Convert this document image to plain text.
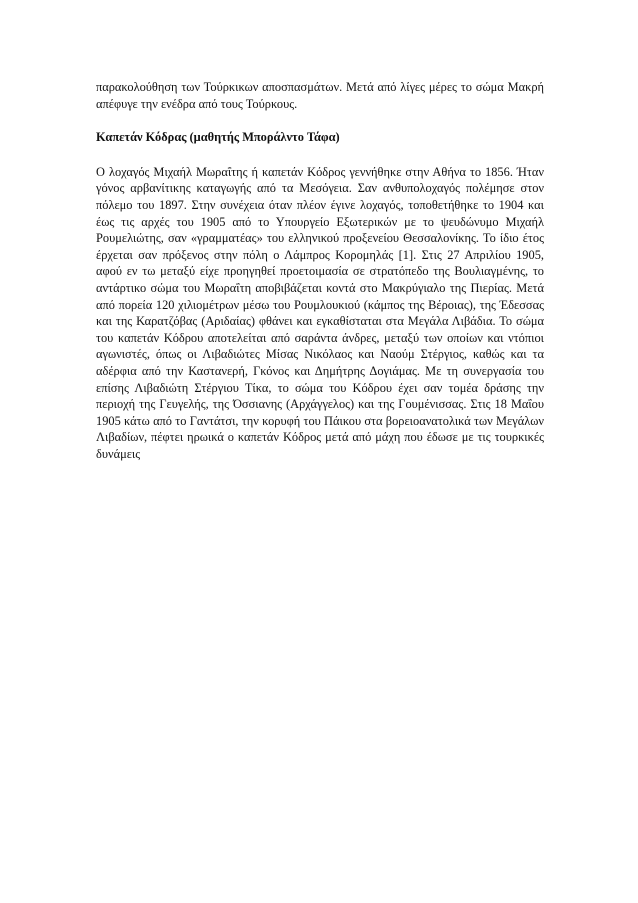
παρακολούθηση των Τούρκικων αποσπασμάτων. Μετά από λίγες μέρες το σώμα Μακρή απέφυγε την ενέδρα από τους Τούρκους.

Καπετάν Κόδρας (μαθητής Μποράλντο Τάφα)

Ο λοχαγός Μιχαήλ Μωραΐτης ή καπετάν Κόδρος γεννήθηκε στην Αθήνα το 1856. Ήταν γόνος αρβανίτικης καταγωγής από τα Μεσόγεια. Σαν ανθυπολοχαγός πολέμησε στον πόλεμο του 1897. Στην συνέχεια όταν πλέον έγινε λοχαγός, τοποθετήθηκε το 1904 και έως τις αρχές του 1905 από το Υπουργείο Εξωτερικών με το ψευδώνυμο Μιχαήλ Ρουμελιώτης, σαν «γραμματέας» του ελληνικού προξενείου Θεσσαλονίκης. Το ίδιο έτος έρχεται σαν πρόξενος στην πόλη ο Λάμπρος Κορομηλάς [1]. Στις 27 Απριλίου 1905, αφού εν τω μεταξύ είχε προηγηθεί προετοιμασία σε στρατόπεδο της Βουλιαγμένης, το αντάρτικο σώμα του Μωραΐτη αποβιβάζεται κοντά στο Μακρύγιαλο της Πιερίας. Μετά από πορεία 120 χιλιομέτρων μέσω του Ρουμλουκιού (κάμπος της Βέροιας), της Έδεσσας και της Καρατζόβας (Αριδαίας) φθάνει και εγκαθίσταται στα Μεγάλα Λιβάδια. Το σώμα του καπετάν Κόδρου αποτελείται από σαράντα άνδρες, μεταξύ των οποίων και ντόπιοι αγωνιστές, όπως οι Λιβαδιώτες Μίσας Νικόλαος και Ναούμ Στέργιος, καθώς και τα αδέρφια από την Καστανερή, Γκόνος και Δημήτρης Δογιάμας. Με τη συνεργασία του επίσης Λιβαδιώτη Στέργιου Τίκα, το σώμα του Κόδρου έχει σαν τομέα δράσης την περιοχή της Γευγελής, της Όσσιανης (Αρχάγγελος) και της Γουμένισσας. Στις 18 Μαΐου 1905 κάτω από το Γαντάτσι, την κορυφή του Πάικου στα βορειοανατολικά των Μεγάλων Λιβαδίων, πέφτει ηρωικά ο καπετάν Κόδρος μετά από μάχη που έδωσε με τις τουρκικές δυνάμεις
